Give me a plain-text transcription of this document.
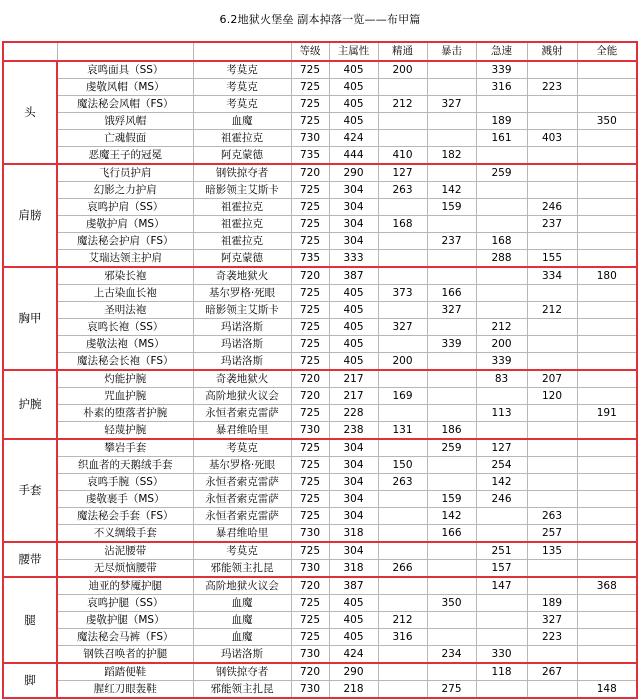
6.2地狱火堡垒 副本掉落一览——布甲篇
			等级	主属性	精通	暴击	急速	溅射	全能
头	哀鸣面具（SS）	考莫克	725	405	200		339		
	虔敬风帽（MS）	考莫克	725	405			316	223	
	魔法秘会风帽（FS）	考莫克	725	405	212	327			
	饿殍风帽	血魔	725	405			189		350
	亡魂假面	祖霍拉克	730	424			161	403	
	恶魔王子的冠冕	阿克蒙德	735	444	410	182			
肩膀	飞行员护肩	钢铁掠夺者	720	290	127		259		
	幻影之力护肩	暗影领主艾斯卡	725	304	263	142			
	哀鸣护肩（SS）	祖霍拉克	725	304		159		246	
	虔敬护肩（MS）	祖霍拉克	725	304	168			237	
	魔法秘会护肩（FS）	祖霍拉克	725	304		237	168		
	艾瑞达领主护肩	阿克蒙德	735	333			288	155	
胸甲	邪染长袍	奇袭地狱火	720	387				334	180
	上古染血长袍	基尔罗格·死眼	725	405	373	166			
	圣明法袍	暗影领主艾斯卡	725	405		327		212	
	哀鸣长袍（SS）	玛诺洛斯	725	405	327		212		
	虔敬法袍（MS）	玛诺洛斯	725	405		339	200		
	魔法秘会长袍（FS）	玛诺洛斯	725	405	200		339		
护腕	灼能护腕	奇袭地狱火	720	217			83	207	
	咒血护腕	高阶地狱火议会	720	217	169			120	
	朴素的堕落者护腕	永恒者索克雷萨	725	228			113		191
	轻蔑护腕	暴君维哈里	730	238	131	186			
手套	攀岩手套	考莫克	725	304		259	127		
	织血者的天鹅绒手套	基尔罗格·死眼	725	304	150		254		
	哀鸣手腕（SS）	永恒者索克雷萨	725	304	263		142		
	虔敬裹手（MS）	永恒者索克雷萨	725	304		159	246		
	魔法秘会手套（FS）	永恒者索克雷萨	725	304		142		263	
	不义绸缎手套	暴君维哈里	730	318		166		257	
腰带	沾泥腰带	考莫克	725	304			251	135	
	无尽烦恼腰带	邪能领主扎昆	730	318	266		157		
腿	迪亚的梦魇护腿	高阶地狱火议会	720	387			147		368
	哀鸣护腿（SS）	血魔	725	405		350		189	
	虔敬护腿（MS）	血魔	725	405	212			327	
	魔法秘会马裤（FS）	血魔	725	405	316			223	
	钢铁召唤者的护腿	玛诺洛斯	730	424		234	330		
脚	蹈踏便鞋	钢铁掠夺者	720	290			118	267	
	腥红刀眼轰鞋	邪能领主扎昆	730	218		275			148
